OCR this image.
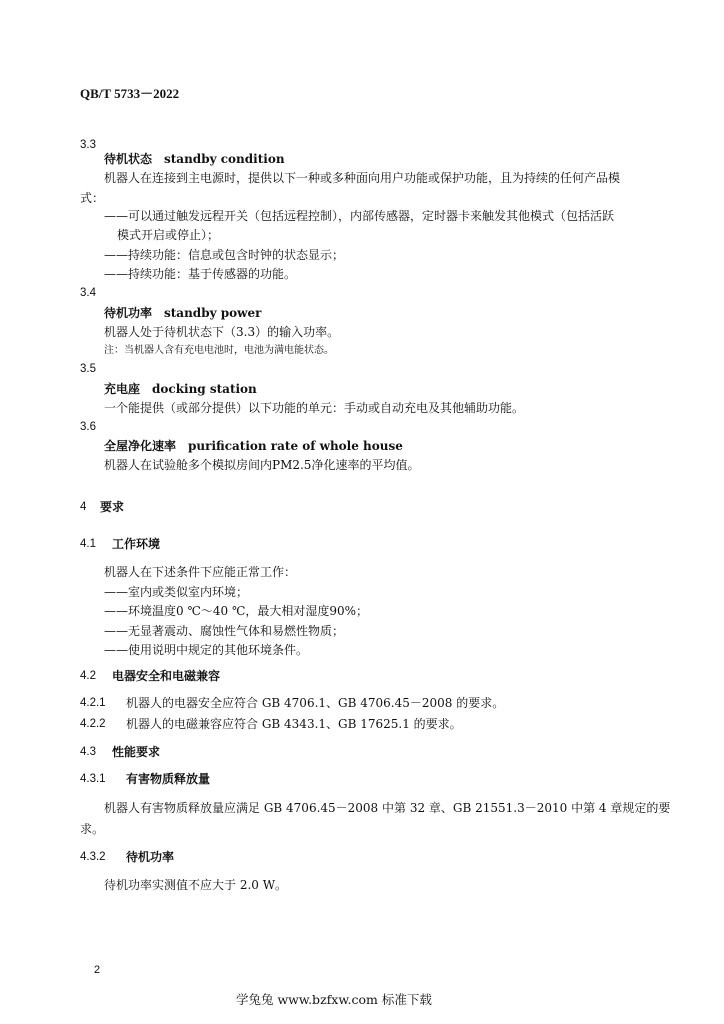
QB/T 5733－2022
3.3
待机状态　standby condition
机器人在连接到主电源时，提供以下一种或多种面向用户功能或保护功能，且为持续的任何产品模
式：
——可以通过触发远程开关（包括远程控制），内部传感器，定时器卡来触发其他模式（包括活跃
模式开启或停止）；
——持续功能：信息或包含时钟的状态显示；
——持续功能：基于传感器的功能。
3.4
待机功率　standby power
机器人处于待机状态下（3.3）的输入功率。
注：当机器人含有充电电池时，电池为满电能状态。
3.5
充电座　docking station
一个能提供（或部分提供）以下功能的单元：手动或自动充电及其他辅助功能。
3.6
全屋净化速率　purification rate of whole house
机器人在试验舱多个模拟房间内PM2.5净化速率的平均值。
4 要求
4.1 工作环境
机器人在下述条件下应能正常工作：
——室内或类似室内环境；
——环境温度0 ℃～40 ℃，最大相对湿度90%；
——无显著震动、腐蚀性气体和易燃性物质；
——使用说明中规定的其他环境条件。
4.2 电器安全和电磁兼容
4.2.1 机器人的电器安全应符合 GB 4706.1、GB 4706.45－2008 的要求。
4.2.2 机器人的电磁兼容应符合 GB 4343.1、GB 17625.1 的要求。
4.3 性能要求
4.3.1 有害物质释放量
机器人有害物质释放量应满足 GB 4706.45－2008 中第 32 章、GB 21551.3－2010 中第 4 章规定的要
求。
4.3.2 待机功率
待机功率实测值不应大于 2.0 W。
2
学兔兔 www.bzfxw.com 标准下载
